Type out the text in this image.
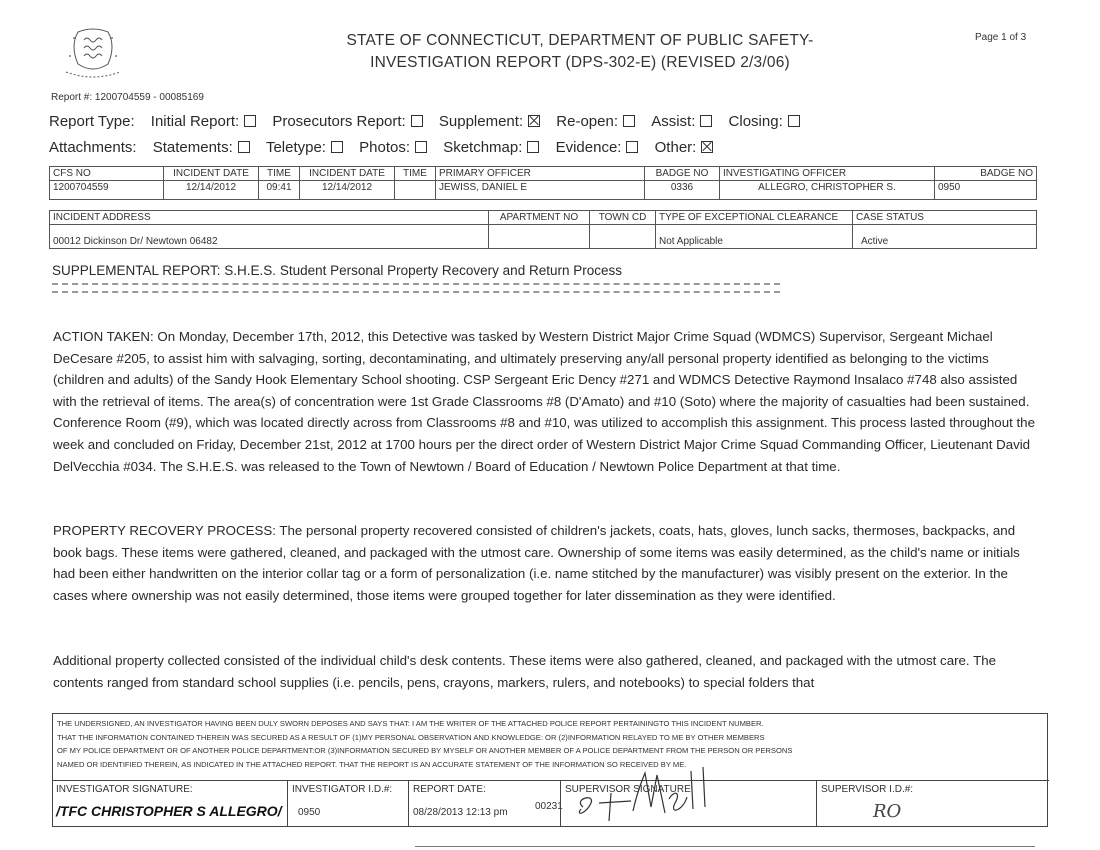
STATE OF CONNECTICUT, DEPARTMENT OF PUBLIC SAFETY-
INVESTIGATION REPORT (DPS-302-E) (REVISED 2/3/06)
Page 1 of 3
Report #: 1200704559 - 00085169
Report Type: Initial Report: Prosecutors Report: Supplement: Re-open: Assist: Closing:
Attachments: Statements: Teletype: Photos: Sketchmap: Evidence: Other:
CFS NO	INCIDENT DATE	TIME	INCIDENT DATE	TIME	PRIMARY OFFICER	BADGE NO	INVESTIGATING OFFICER	BADGE NO
1200704559	12/14/2012	09:41	12/14/2012		JEWISS, DANIEL E	0336	ALLEGRO, CHRISTOPHER S.	0950
INCIDENT ADDRESS	APARTMENT NO	TOWN CD	TYPE OF EXCEPTIONAL CLEARANCE	CASE STATUS
00012 Dickinson Dr/ Newtown 06482			Not Applicable	Active
SUPPLEMENTAL REPORT: S.H.E.S. Student Personal Property Recovery and Return Process
ACTION TAKEN: On Monday, December 17th, 2012, this Detective was tasked by Western District Major Crime Squad (WDMCS) Supervisor, Sergeant Michael DeCesare #205, to assist him with salvaging, sorting, decontaminating, and ultimately preserving any/all personal property identified as belonging to the victims (children and adults) of the Sandy Hook Elementary School shooting. CSP Sergeant Eric Dency #271 and WDMCS Detective Raymond Insalaco #748 also assisted with the retrieval of items. The area(s) of concentration were 1st Grade Classrooms #8 (D'Amato) and #10 (Soto) where the majority of casualties had been sustained. Conference Room (#9), which was located directly across from Classrooms #8 and #10, was utilized to accomplish this assignment. This process lasted throughout the week and concluded on Friday, December 21st, 2012 at 1700 hours per the direct order of Western District Major Crime Squad Commanding Officer, Lieutenant David DelVecchia #034. The S.H.E.S. was released to the Town of Newtown / Board of Education / Newtown Police Department at that time.
PROPERTY RECOVERY PROCESS: The personal property recovered consisted of children's jackets, coats, hats, gloves, lunch sacks, thermoses, backpacks, and book bags. These items were gathered, cleaned, and packaged with the utmost care. Ownership of some items was easily determined, as the child's name or initials had been either handwritten on the interior collar tag or a form of personalization (i.e. name stitched by the manufacturer) was visibly present on the exterior. In the cases where ownership was not easily determined, those items were grouped together for later dissemination as they were identified.
Additional property collected consisted of the individual child's desk contents. These items were also gathered, cleaned, and packaged with the utmost care. The contents ranged from standard school supplies (i.e. pencils, pens, crayons, markers, rulers, and notebooks) to special folders that
THE UNDERSIGNED, AN INVESTIGATOR HAVING BEEN DULY SWORN DEPOSES AND SAYS THAT: I AM THE WRITER OF THE ATTACHED POLICE REPORT PERTAININGTO THIS INCIDENT NUMBER.
THAT THE INFORMATION CONTAINED THEREIN WAS SECURED AS A RESULT OF (1)MY PERSONAL OBSERVATION AND KNOWLEDGE: OR (2)INFORMATION RELAYED TO ME BY OTHER MEMBERS
OF MY POLICE DEPARTMENT OR OF ANOTHER POLICE DEPARTMENT:OR (3)INFORMATION SECURED BY MYSELF OR ANOTHER MEMBER OF A POLICE DEPARTMENT FROM THE PERSON OR PERSONS
NAMED OR IDENTIFIED THEREIN, AS INDICATED IN THE ATTACHED REPORT. THAT THE REPORT IS AN ACCURATE STATEMENT OF THE INFORMATION SO RECEIVED BY ME.
INVESTIGATOR SIGNATURE:
/TFC CHRISTOPHER S ALLEGRO/
INVESTIGATOR I.D.#:
0950
REPORT DATE:
08/28/2013 12:13 pm
00231
SUPERVISOR SIGNATURE:
Sgt. M.DeC
SUPERVISOR I.D.#:
RO
